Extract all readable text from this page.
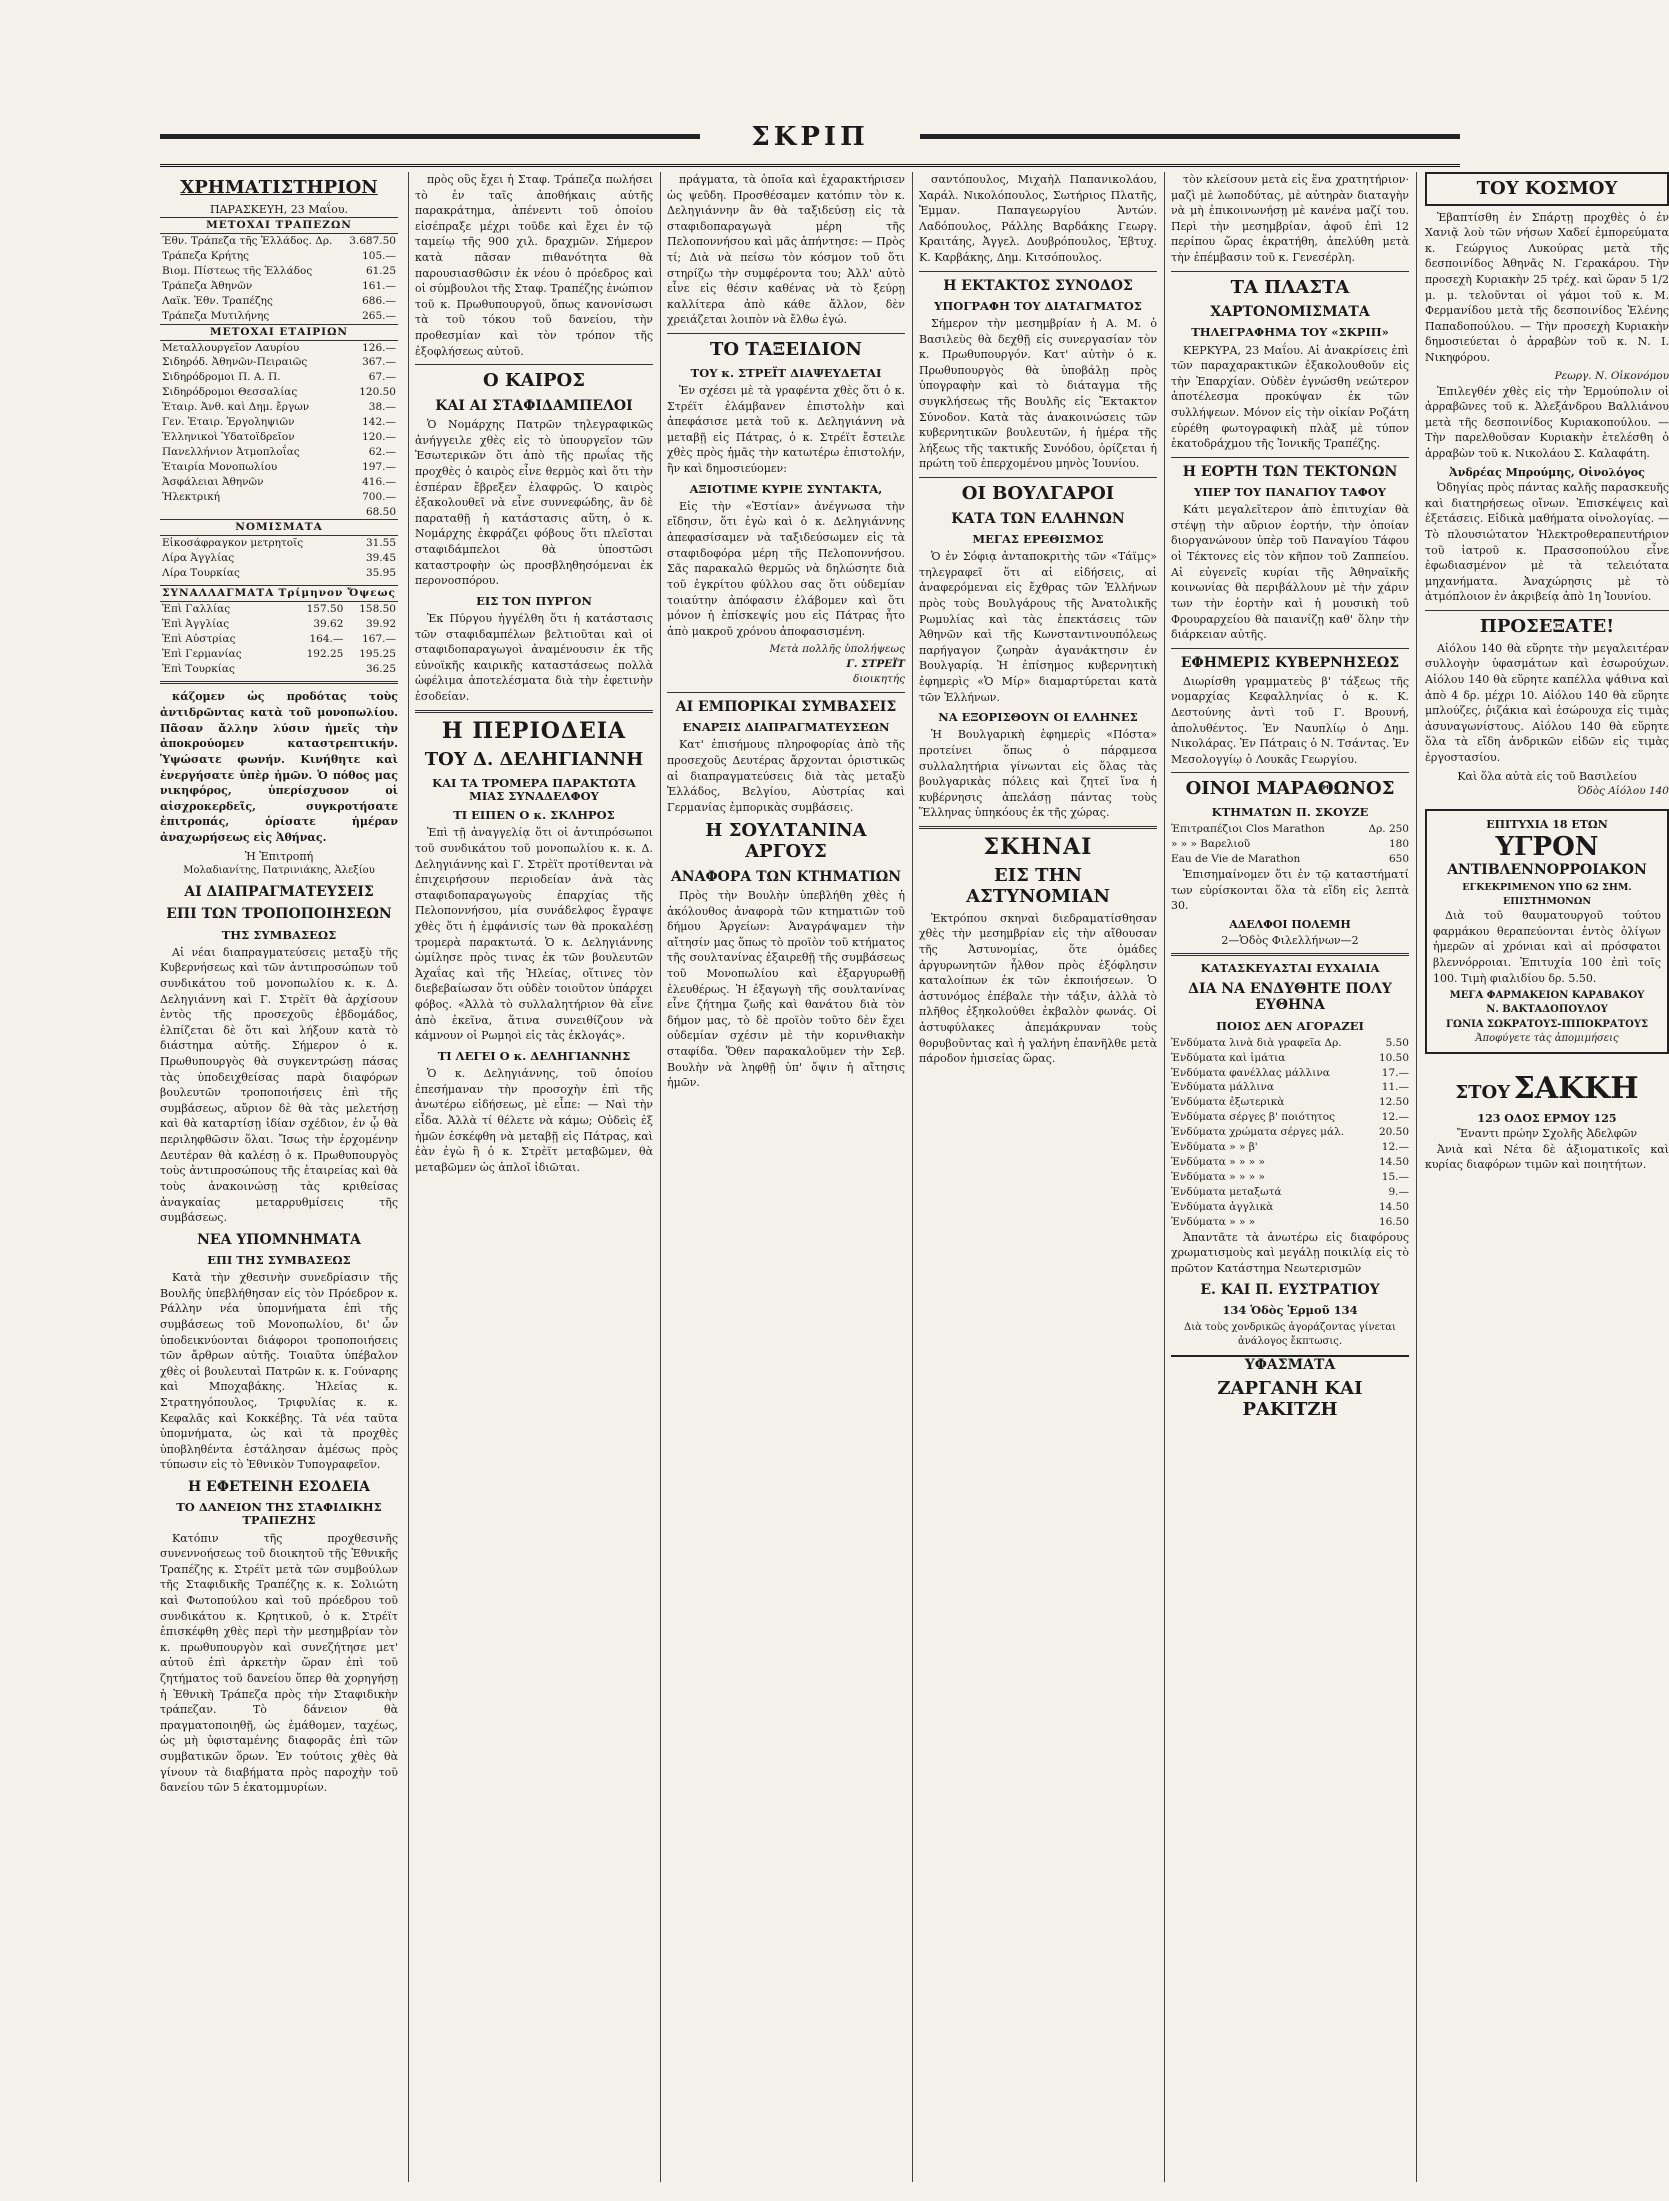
ΣΚΡΙΠ
ΧΡΗΜΑΤΙΣΤΗΡΙΟΝ
ΠΑΡΑΣΚΕΥΗ, 23 Μαΐου.
ΜΕΤΟΧΑΙ ΤΡΑΠΕΖΩΝ	
Έθν. Τράπεζα τῆς Ἑλλάδος. Δρ.	3.687.50
Τράπεζα Κρήτης	105.—
Βιομ. Πίστεως τῆς Ἑλλάδος	61.25
Τράπεζα Ἀθηνῶν	161.—
Λαϊκ. Ἐθν. Τραπέζης	686.—
Τράπεζα Μυτιλήνης	265.—
ΜΕΤΟΧΑΙ ΕΤΑΙΡΙΩΝ	
Μεταλλουργεῖον Λαυρίου	126.—
Σιδηρόδ. Ἀθηνῶν-Πειραιῶς	367.—
Σιδηρόδρομοι Π. Α. Π.	67.—
Σιδηρόδρομοι Θεσσαλίας	120.50
Ἑταιρ. Ἀνθ. καὶ Δημ. ἔργων	38.—
Γεν. Ἑταιρ. Ἐργοληψιῶν	142.—
Ἑλληνικοὶ Ὑδατοϊδρεῖον	120.—
Πανελλήνιον Ἀτμοπλοΐας	62.—
Ἑταιρία Μονοπωλίου	197.—
Ἀσφάλειαι Ἀθηνῶν	416.—
Ἠλεκτρική	700.—
	68.50
ΝΟΜΙΣΜΑΤΑ	
Εἰκοσάφραγκον μετρητοῖς	31.55
Λίρα Ἀγγλίας	39.45
Λίρα Τουρκίας	35.95
ΣΥΝΑΛΛΑΓΜΑΤΑ	Τρίμηνον	Ὄψεως
Ἐπὶ Γαλλίας	157.50	158.50
Ἐπὶ Ἀγγλίας	39.62	39.92
Ἐπὶ Αὐστρίας	164.—	167.—
Ἐπὶ Γερμανίας	192.25	195.25
Ἐπὶ Τουρκίας		36.25

κάζομεν ὡς προδότας τοὺς ἀντιδρῶντας κατὰ τοῦ μονοπωλίου. Πᾶσαν ἄλλην λύσιν ἡμεῖς τὴν ἀποκρούομεν καταστρεπτικήν. Ὑψώσατε φωνήν. Κινήθητε καὶ ἐνεργήσατε ὑπὲρ ἡμῶν. Ὁ πόθος μας νικηφόρος, ὑπερίσχυσον οἱ αἰσχροκερδεῖς, συγκροτήσατε ἐπιτροπάς, ὁρίσατε ἡμέραν ἀναχωρήσεως εἰς Ἀθήνας.

Ἡ Ἐπιτροπή
Μολαδιανίτης, Πατρινιάκης, Ἀλεξίου
ΑΙ ΔΙΑΠΡΑΓΜΑΤΕΥΣΕΙΣ
ΕΠΙ ΤΩΝ ΤΡΟΠΟΠΟΙΗΣΕΩΝ
ΤΗΣ ΣΥΜΒΑΣΕΩΣ

Αἱ νέαι διαπραγματεύσεις μεταξὺ τῆς Κυβερνήσεως καὶ τῶν ἀντιπροσώπων τοῦ συνδικάτου τοῦ μονοπωλίου κ. κ. Δ. Δεληγιάννη καὶ Γ. Στρὲϊτ θὰ ἀρχίσουν ἐντὸς τῆς προσεχοῦς ἑβδομάδος, ἐλπίζεται δὲ ὅτι καὶ λήξουν κατὰ τὸ διάστημα αὐτῆς. Σήμερον ὁ κ. Πρωθυπουργὸς θὰ συγκεντρώσῃ πάσας τὰς ὑποδειχθείσας παρὰ διαφόρων βουλευτῶν τροποποιήσεις ἐπὶ τῆς συμβάσεως, αὔριον δὲ θὰ τὰς μελετήσῃ καὶ θὰ καταρτίσῃ ἰδίαν σχέδιον, ἐν ᾧ θὰ περιληφθῶσιν ὅλαι. Ἴσως τὴν ἐρχομένην Δευτέραν θὰ καλέσῃ ὁ κ. Πρωθυπουργὸς τοὺς ἀντιπροσώπους τῆς ἑταιρείας καὶ θὰ τοὺς ἀνακοινώσῃ τὰς κριθείσας ἀναγκαίας μεταρρυθμίσεις τῆς συμβάσεως.

ΝΕΑ ΥΠΟΜΝΗΜΑΤΑ
ΕΠΙ ΤΗΣ ΣΥΜΒΑΣΕΩΣ

Κατὰ τὴν χθεσινὴν συνεδρίασιν τῆς Βουλῆς ὑπεβλήθησαν εἰς τὸν Πρόεδρον κ. Ράλλην νέα ὑπομνήματα ἐπὶ τῆς συμβάσεως τοῦ Μονοπωλίου, δι' ὧν ὑποδεικνύονται διάφοροι τροποποιήσεις τῶν ἄρθρων αὐτῆς. Τοιαῦτα ὑπέβαλον χθὲς οἱ βουλευταὶ Πατρῶν κ. κ. Γούναρης καὶ Μποχαβάκης. Ἠλείας κ. Στρατηγόπουλος, Τριφυλίας κ. κ. Κεφαλᾶς καὶ Κοκκέβης. Τὰ νέα ταῦτα ὑπομνήματα, ὡς καὶ τὰ προχθὲς ὑποβληθέντα ἐστάλησαν ἀμέσως πρὸς τύπωσιν εἰς τὸ Ἐθνικὸν Τυπογραφεῖον.

Η ΕΦΕΤΕΙΝΗ ΕΣΟΔΕΙΑ
ΤΟ ΔΑΝΕΙΟΝ ΤΗΣ ΣΤΑΦΙΔΙΚΗΣ ΤΡΑΠΕΖΗΣ

Κατόπιν τῆς προχθεσινῆς συνεννοήσεως τοῦ διοικητοῦ τῆς Ἐθνικῆς Τραπέζης κ. Στρέϊτ μετὰ τῶν συμβούλων τῆς Σταφιδικῆς Τραπέζης κ. κ. Σολιώτη καὶ Φωτοπούλου καὶ τοῦ πρόεδρου τοῦ συνδικάτου κ. Κρητικοῦ, ὁ κ. Στρέϊτ ἐπισκέφθη χθὲς περὶ τὴν μεσημβρίαν τὸν κ. πρωθυπουργὸν καὶ συνεζήτησε μετ' αὐτοῦ ἐπὶ ἀρκετὴν ὥραν ἐπὶ τοῦ ζητήματος τοῦ δανείου ὅπερ θὰ χορηγήσῃ ἡ Ἐθνικὴ Τράπεζα πρὸς τὴν Σταφιδικὴν τράπεζαν. Τὸ δάνειον θὰ πραγματοποιηθῇ, ὡς ἐμάθομεν, ταχέως, ὡς μὴ ὑφισταμένης διαφορᾶς ἐπὶ τῶν συμβατικῶν ὅρων. Ἐν τούτοις χθὲς θὰ γίνουν τὰ διαβήματα πρὸς παροχὴν τοῦ δανείου τῶν 5 ἑκατομμυρίων.

πρὸς οὓς ἔχει ἡ Σταφ. Τράπεζα πωλήσει τὸ ἐν ταῖς ἀποθήκαις αὐτῆς παρακράτημα, ἀπένεντι τοῦ ὁποίου εἰσέπραξε μέχρι τοῦδε καὶ ἔχει ἐν τῷ ταμείῳ τῆς 900 χιλ. δραχμῶν. Σήμερον κατὰ πᾶσαν πιθανότητα θὰ παρουσιασθῶσιν ἐκ νέου ὁ πρόεδρος καὶ οἱ σύμβουλοι τῆς Σταφ. Τραπέζης ἐνώπιον τοῦ κ. Πρωθυπουργοῦ, ὅπως κανονίσωσι τὰ τοῦ τόκου τοῦ δανείου, τὴν προθεσμίαν καὶ τὸν τρόπον τῆς ἐξοφλήσεως αὐτοῦ.

Ο ΚΑΙΡΟΣ
ΚΑΙ ΑΙ ΣΤΑΦΙΔΑΜΠΕΛΟΙ

Ὁ Νομάρχης Πατρῶν τηλεγραφικῶς ἀνήγγειλε χθὲς εἰς τὸ ὑπουργεῖον τῶν Ἐσωτερικῶν ὅτι ἀπὸ τῆς πρωΐας τῆς προχθὲς ὁ καιρὸς εἶνε θερμὸς καὶ ὅτι τὴν ἑσπέραν ἔβρεξεν ἐλαφρῶς. Ὁ καιρὸς ἐξακολουθεῖ νὰ εἶνε συννεφώδης, ἂν δὲ παραταθῇ ἡ κατάστασις αὕτη, ὁ κ. Νομάρχης ἐκφράζει φόβους ὅτι πλεῖσται σταφιδάμπελοι θὰ ὑποστῶσι καταστροφὴν ὡς προσβληθησόμεναι ἐκ περονοσπόρου.

ΕΙΣ ΤΟΝ ΠΥΡΓΟΝ

Ἐκ Πύργου ἠγγέλθη ὅτι ἡ κατάστασις τῶν σταφιδαμπέλων βελτιοῦται καὶ οἱ σταφιδοπαραγωγοὶ ἀναμένουσιν ἐκ τῆς εὐνοϊκῆς καιρικῆς καταστάσεως πολλὰ ὠφέλιμα ἀποτελέσματα διὰ τὴν ἐφετινὴν ἐσοδείαν.

Η ΠΕΡΙΟΔΕΙΑ
ΤΟΥ Δ. ΔΕΛΗΓΙΑΝΝΗ
ΚΑΙ ΤΑ ΤΡΟΜΕΡΑ ΠΑΡΑΚΤΩΤΑ ΜΙΑΣ ΣΥΝΑΔΕΛΦΟΥ
ΤΙ ΕΙΠΕΝ Ο κ. ΣΚΛΗΡΟΣ

Ἐπὶ τῇ ἀναγγελίᾳ ὅτι οἱ ἀντιπρόσωποι τοῦ συνδικάτου τοῦ μονοπωλίου κ. κ. Δ. Δεληγιάννης καὶ Γ. Στρὲϊτ προτίθενται νὰ ἐπιχειρήσουν περιοδείαν ἀνὰ τὰς σταφιδοπαραγωγοὺς ἐπαρχίας τῆς Πελοποννήσου, μία συνάδελφος ἔγραψε χθὲς ὅτι ἡ ἐμφάνισίς των θὰ προκαλέσῃ τρομερὰ παρακτωτά. Ὁ κ. Δεληγιάννης ὡμίλησε πρὸς τινας ἐκ τῶν βουλευτῶν Ἀχαΐας καὶ τῆς Ἠλείας, οἵτινες τὸν διεβεβαίωσαν ὅτι οὐδὲν τοιοῦτον ὑπάρχει φόβος. «Ἀλλὰ τὸ συλλαλητήριον θὰ εἶνε ἀπὸ ἐκεῖνα, ἅτινα συνειθίζουν νὰ κάμνουν οἱ Ρωμηοὶ εἰς τὰς ἐκλογάς».

ΤΙ ΛΕΓΕΙ Ο κ. ΔΕΛΗΓΙΑΝΝΗΣ

Ὁ κ. Δεληγιάννης, τοῦ ὁποίου ἐπεσήμαναν τὴν προσοχὴν ἐπὶ τῆς ἀνωτέρω εἰδήσεως, μὲ εἶπε: — Ναὶ τὴν εἶδα. Ἀλλὰ τί θέλετε νὰ κάμω; Οὐδεὶς ἐξ ἡμῶν ἐσκέφθη νὰ μεταβῇ εἰς Πάτρας, καὶ ἐὰν ἐγὼ ἢ ὁ κ. Στρὲϊτ μεταβῶμεν, θὰ μεταβῶμεν ὡς ἁπλοῖ ἰδιῶται.

πράγματα, τὰ ὁποῖα καὶ ἐχαρακτήρισεν ὡς ψεῦδη. Προσθέσαμεν κατόπιν τὸν κ. Δεληγιάννην ἂν θὰ ταξιδεύσῃ εἰς τὰ σταφιδοπαραγωγὰ μέρη τῆς Πελοποννήσου καὶ μᾶς ἀπήντησε: — Πρὸς τί; Διὰ νὰ πείσω τὸν κόσμον τοῦ ὅτι στηρίζω τὴν συμφέροντα του; Ἀλλ' αὐτὸ εἶνε εἰς θέσιν καθένας νὰ τὸ ξεύρῃ καλλίτερα ἀπὸ κάθε ἄλλον, δὲν χρειάζεται λοιπὸν νὰ ἔλθω ἐγώ.

ΤΟ ΤΑΞΕΙΔΙΟΝ
ΤΟΥ κ. ΣΤΡΕΪΤ ΔΙΑΨΕΥΔΕΤΑΙ

Ἐν σχέσει μὲ τὰ γραφέντα χθὲς ὅτι ὁ κ. Στρέϊτ ἐλάμβανεν ἐπιστολὴν καὶ ἀπεφάσισε μετὰ τοῦ κ. Δεληγιάννη νὰ μεταβῇ εἰς Πάτρας, ὁ κ. Στρέϊτ ἔστειλε χθὲς πρὸς ἡμᾶς τὴν κατωτέρω ἐπιστολήν, ἣν καὶ δημοσιεύομεν:

ΑΞΙΟΤΙΜΕ ΚΥΡΙΕ ΣΥΝΤΑΚΤΑ,

Εἰς τὴν «Ἑστίαν» ἀνέγνωσα τὴν εἴδησιν, ὅτι ἐγὼ καὶ ὁ κ. Δεληγιάννης ἀπεφασίσαμεν νὰ ταξιδεύσωμεν εἰς τὰ σταφιδοφόρα μέρη τῆς Πελοποννήσου. Σᾶς παρακαλῶ θερμῶς νὰ δηλώσητε διὰ τοῦ ἐγκρίτου φύλλου σας ὅτι οὐδεμίαν τοιαύτην ἀπόφασιν ἐλάβομεν καὶ ὅτι μόνον ἡ ἐπίσκεψίς μου εἰς Πάτρας ἦτο ἀπὸ μακροῦ χρόνου ἀποφασισμένη.

Μετὰ πολλῆς ὑπολήψεως
Γ. ΣΤΡΕΪΤ
διοικητής
ΑΙ ΕΜΠΟΡΙΚΑΙ ΣΥΜΒΑΣΕΙΣ
ΕΝΑΡΞΙΣ ΔΙΑΠΡΑΓΜΑΤΕΥΣΕΩΝ

Κατ' ἐπισήμους πληροφορίας ἀπὸ τῆς προσεχοῦς Δευτέρας ἄρχονται ὁριστικῶς αἱ διαπραγματεύσεις διὰ τὰς μεταξὺ Ἑλλάδος, Βελγίου, Αὐστρίας καὶ Γερμανίας ἐμπορικὰς συμβάσεις.

Η ΣΟΥΛΤΑΝΙΝΑ ΑΡΓΟΥΣ
ΑΝΑΦΟΡΑ ΤΩΝ ΚΤΗΜΑΤΙΩΝ

Πρὸς τὴν Βουλὴν ὑπεβλήθη χθὲς ἡ ἀκόλουθος ἀναφορὰ τῶν κτηματιῶν τοῦ δήμου Ἀργείων: Ἀναγράψαμεν τὴν αἴτησίν μας ὅπως τὸ προϊὸν τοῦ κτήματος τῆς σουλτανίνας ἐξαιρεθῇ τῆς συμβάσεως τοῦ Μονοπωλίου καὶ ἐξαργυρωθῇ ἐλευθέρως. Ἡ ἐξαγωγὴ τῆς σουλτανίνας εἶνε ζήτημα ζωῆς καὶ θανάτου διὰ τὸν δήμον μας, τὸ δὲ προϊὸν τοῦτο δὲν ἔχει οὐδεμίαν σχέσιν μὲ τὴν κορινθιακὴν σταφίδα. Ὅθεν παρακαλοῦμεν τὴν Σεβ. Βουλὴν νὰ ληφθῇ ὑπ' ὄψιν ἡ αἴτησις ἡμῶν.

σαντόπουλος, Μιχαὴλ Παπανικολάου, Χαράλ. Νικολόπουλος, Σωτήριος Πλατῆς, Ἐμμαν. Παπαγεωργίου Ἀντών. Λαδόπουλος, Ράλλης Βαρδάκης Γεωργ. Κραιτάης, Ἀγγελ. Δουβρόπουλος, Ἐβτυχ. Κ. Καρβάκης, Δημ. Κιτσόπουλος.

Η ΕΚΤΑΚΤΟΣ ΣΥΝΟΔΟΣ
ΥΠΟΓΡΑΦΗ ΤΟΥ ΔΙΑΤΑΓΜΑΤΟΣ

Σήμερον τὴν μεσημβρίαν ἡ Α. Μ. ὁ Βασιλεὺς θὰ δεχθῇ εἰς συνεργασίαν τὸν κ. Πρωθυπουργόν. Κατ' αὐτὴν ὁ κ. Πρωθυπουργὸς θὰ ὑποβάλῃ πρὸς ὑπογραφὴν καὶ τὸ διάταγμα τῆς συγκλήσεως τῆς Βουλῆς εἰς Ἔκτακτον Σύνοδον. Κατὰ τὰς ἀνακοινώσεις τῶν κυβερνητικῶν βουλευτῶν, ἡ ἡμέρα τῆς λήξεως τῆς τακτικῆς Συνόδου, ὁρίζεται ἡ πρώτη τοῦ ἐπερχομένου μηνὸς Ἰουνίου.

ΟΙ ΒΟΥΛΓΑΡΟΙ
ΚΑΤΑ ΤΩΝ ΕΛΛΗΝΩΝ
ΜΕΓΑΣ ΕΡΕΘΙΣΜΟΣ

Ὁ ἐν Σόφιᾳ ἀνταποκριτὴς τῶν «Τάϊμς» τηλεγραφεῖ ὅτι αἱ εἰδήσεις, αἱ ἀναφερόμεναι εἰς ἔχθρας τῶν Ἑλλήνων πρὸς τοὺς Βουλγάρους τῆς Ἀνατολικῆς Ρωμυλίας καὶ τὰς ἐπεκτάσεις τῶν Ἀθηνῶν καὶ τῆς Κωνσταντινουπόλεως παρήγαγον ζωηρὰν ἀγανάκτησιν ἐν Βουλγαρίᾳ. Ἡ ἐπίσημος κυβερνητικὴ ἐφημερὶς «Ὁ Μίρ» διαμαρτύρεται κατὰ τῶν Ἑλλήνων.

ΝΑ ΕΞΟΡΙΣΘΟΥΝ ΟΙ ΕΛΛΗΝΕΣ

Ἡ Βουλγαρικὴ ἐφημερὶς «Πόστα» προτείνει ὅπως ὁ πάρᾳμεσα συλλαλητήρια γίνωνται εἰς ὅλας τὰς βουλγαρικὰς πόλεις καὶ ζητεῖ ἵνα ἡ κυβέρνησις ἀπελάσῃ πάντας τοὺς Ἕλληνας ὑπηκόους ἐκ τῆς χώρας.

ΣΚΗΝΑΙ
ΕΙΣ ΤΗΝ ΑΣΤΥΝΟΜΙΑΝ

Ἐκτρόπου σκηναὶ διεδραματίσθησαν χθὲς τὴν μεσημβρίαν εἰς τὴν αἴθουσαν τῆς Ἀστυνομίας, ὅτε ὁμάδες ἀργυρωνητῶν ἦλθον πρὸς ἐξόφλησιν καταλοίπων ἐκ τῶν ἐκποιήσεων. Ὁ ἀστυνόμος ἐπέβαλε τὴν τάξιν, ἀλλὰ τὸ πλῆθος ἐξηκολούθει ἐκβαλὸν φωνάς. Οἱ ἀστυφύλακες ἀπεμάκρυναν τοὺς θορυβοῦντας καὶ ἡ γαλήνη ἐπανῆλθε μετὰ πάροδον ἡμισείας ὥρας.

τὸν κλείσουν μετὰ εἰς ἕνα χρατητήριον· μαζὶ μὲ λωποδύτας, μὲ αὐτηρὰν διαταγὴν νὰ μὴ ἐπικοινωνήσῃ μὲ κανένα μαζί του. Περὶ τὴν μεσημβρίαν, ἀφοῦ ἐπὶ 12 περίπου ὥρας ἐκρατήθη, ἀπελύθη μετὰ τὴν ἐπέμβασιν τοῦ κ. Γενεσέρλη.

ΤΑ ΠΛΑΣΤΑ
ΧΑΡΤΟΝΟΜΙΣΜΑΤΑ
ΤΗΛΕΓΡΑΦΗΜΑ ΤΟΥ «ΣΚΡΙΠ»

ΚΕΡΚΥΡΑ, 23 Μαΐου. Αἱ ἀνακρίσεις ἐπὶ τῶν παραχαρακτικῶν ἐξακολουθοῦν εἰς τὴν Ἐπαρχίαν. Οὐδὲν ἐγνώσθη νεώτερον ἀποτέλεσμα προκύψαν ἐκ τῶν συλλήψεων. Μόνον εἰς τὴν οἰκίαν Ροζάτη εὑρέθη φωτογραφικὴ πλὰξ μὲ τύπον ἑκατοδράχμου τῆς Ἰονικῆς Τραπέζης.

Η ΕΟΡΤΗ ΤΩΝ ΤΕΚΤΟΝΩΝ
ΥΠΕΡ ΤΟΥ ΠΑΝΑΓΙΟΥ ΤΑΦΟΥ

Κάτι μεγαλεῖτερον ἀπὸ ἐπιτυχίαν θὰ στέψῃ τὴν αὔριον ἑορτήν, τὴν ὁποίαν διοργανώνουν ὑπὲρ τοῦ Παναγίου Τάφου οἱ Τέκτονες εἰς τὸν κῆπον τοῦ Ζαππείου. Αἱ εὐγενεῖς κυρίαι τῆς Ἀθηναϊκῆς κοινωνίας θὰ περιβάλλουν μὲ τὴν χάριν των τὴν ἑορτὴν καὶ ἡ μουσικὴ τοῦ Φρουραρχείου θὰ παιανίζῃ καθ' ὅλην τὴν διάρκειαν αὐτῆς.

ΕΦΗΜΕΡΙΣ ΚΥΒΕΡΝΗΣΕΩΣ

Διωρίσθη γραμματεὺς β' τάξεως τῆς νομαρχίας Κεφαλληνίας ὁ κ. Κ. Δεστούνης ἀντὶ τοῦ Γ. Βρουνή, ἀπολυθέντος. Ἐν Ναυπλίῳ ὁ Δημ. Νικολάρας. Ἐν Πάτραις ὁ Ν. Τσάντας. Ἐν Μεσολογγίῳ ὁ Λουκᾶς Γεωργίου.

ΟΙΝΟΙ ΜΑΡΑΘΩΝΟΣ
ΚΤΗΜΑΤΩΝ Π. ΣΚΟΥΖΕ
Ἐπιτραπέζιοι Clos Marathon	Δρ. 250
» » » Βαρελιοῦ	180
Eau de Vie de Marathon	650

Ἐπισημαίνομεν ὅτι ἐν τῷ καταστήματί των εὑρίσκονται ὅλα τὰ εἴδη εἰς λεπτὰ 30.

ΑΔΕΛΦΟΙ ΠΟΛΕΜΗ
2—Ὁδὸς Φιλελλήνων—2
ΚΑΤΑΣΚΕΥΑΣΤΑΙ ΕΥΧΑΙΛΙΑ
ΔΙΑ ΝΑ ΕΝΔΥΘΗΤΕ ΠΟΛΥ ΕΥΘΗΝΑ
ΠΟΙΟΣ ΔΕΝ ΑΓΟΡΑΖΕΙ
Ἐνδύματα λινὰ διὰ γραφεῖα Δρ.	5.50
Ἐνδύματα καὶ ἱμάτια	10.50
Ἐνδύματα φανέλλας μάλλινα	17.—
Ἐνδύματα μάλλινα	11.—
Ἐνδύματα ἐξωτερικὰ	12.50
Ἐνδύματα σέργες β' ποιότητος	12.—
Ἐνδύματα χρώματα σέργες μάλ.	20.50
Ἐνδύματα » » β'	12.—
Ἐνδύματα » » » »	14.50
Ἐνδύματα » » » »	15.—
Ἐνδύματα μεταξωτά	9.—
Ἐνδύματα ἀγγλικὰ	14.50
Ἐνδύματα » » »	16.50

Ἀπαντᾶτε τὰ ἀνωτέρω εἰς διαφόρους χρωματισμοὺς καὶ μεγάλῃ ποικιλίᾳ εἰς τὸ πρῶτον Κατάστημα Νεωτερισμῶν

Ε. ΚΑΙ Π. ΕΥΣΤΡΑΤΙΟΥ
134 Ὁδὸς Ἑρμοῦ 134
Διὰ τοὺς χονδρικῶς ἀγοράζοντας γίνεται ἀνάλογος ἔκπτωσις.
ΥΦΑΣΜΑΤΑ
ΖΑΡΓΑΝΗ ΚΑΙ ΡΑΚΙΤΖΗ
ΤΟΥ ΚΟΣΜΟΥ

Ἐβαπτίσθη ἐν Σπάρτῃ προχθὲς ὁ ἐν Χανιᾷ λοὺ τῶν νήσων Χαδεί ἐμπορεύματα κ. Γεώργιος Λυκούρας μετὰ τῆς δεσποινίδος Ἀθηνᾶς Ν. Γερακάρου. Τὴν προσεχὴ Κυριακὴν 25 τρέχ. καὶ ὥραν 5 1/2 μ. μ. τελοῦνται οἱ γάμοι τοῦ κ. Μ. Φερμανίδου μετὰ τῆς δεσποινίδος Ἑλένης Παπαδοπούλου. — Τὴν προσεχὴ Κυριακὴν δημοσιεύεται ὁ ἀρραβὼν τοῦ κ. Ν. Ι. Νικηφόρου.

Ρεωργ. Ν. Οἰκονόμου

Ἐπιλεγθέν χθὲς εἰς τὴν Ἑρμούπολιν οἱ ἀρραβῶνες τοῦ κ. Ἀλεξάνδρου Βαλλιάνου μετὰ τῆς δεσποινίδος Κυριακοπούλου. — Τὴν παρελθοῦσαν Κυριακὴν ἐτελέσθη ὁ ἀρραβὼν τοῦ κ. Νικολάου Σ. Καλαφάτη.

Ἀνδρέας Μπρούμης, Οἰνολόγος

Ὀδηγίας πρὸς πάντας καλῆς παρασκευῆς καὶ διατηρήσεως οἴνων. Ἐπισκέψεις καὶ ἐξετάσεις. Εἰδικὰ μαθήματα οἰνολογίας. — Τὸ πλουσιώτατον Ἠλεκτροθεραπευτήριον τοῦ ἰατροῦ κ. Πρασσοπούλου εἶνε ἐφωδιασμένον μὲ τὰ τελειότατα μηχανήματα. Ἀναχώρησις μὲ τὸ ἀτμόπλοιον ἐν ἀκριβείᾳ ἀπὸ 1η Ἰουνίου.

ΠΡΟΣΕΞΑΤΕ!

Αἰόλου 140 θὰ εὕρητε τὴν μεγαλειτέραν συλλογὴν ὑφασμάτων καὶ ἐσωρούχων. Αἰόλου 140 θὰ εὕρητε καπέλλα ψάθινα καὶ ἀπὸ 4 δρ. μέχρι 10. Αἰόλου 140 θὰ εὕρητε μπλούζες, ῥιζάκια καὶ ἐσώρουχα εἰς τιμὰς ἀσυναγωνίστους. Αἰόλου 140 θὰ εὕρητε ὅλα τὰ εἴδη ἀνδρικῶν εἰδῶν εἰς τιμὰς ἐργοστασίου.

Καὶ ὅλα αὐτὰ εἰς τοῦ Βασιλείου
Ὁδὸς Αἰόλου 140
ΕΠΙΤΥΧΙΑ 18 ΕΤΩΝ
ΥΓΡΟΝ
ΑΝΤΙΒΛΕΝΝΟΡΡΟΙΑΚΟΝ
ΕΓΚΕΚΡΙΜΕΝΟΝ ΥΠΟ 62 ΣΗΜ. ΕΠΙΣΤΗΜΟΝΩΝ

Διὰ τοῦ θαυματουργοῦ τούτου φαρμάκου θεραπεύονται ἐντὸς ὀλίγων ἡμερῶν αἱ χρόνιαι καὶ αἱ πρόσφατοι βλεννόρροιαι. Ἐπιτυχία 100 ἐπὶ τοῖς 100. Τιμὴ φιαλιδίου δρ. 5.50.

ΜΕΓΑ ΦΑΡΜΑΚΕΙΟΝ ΚΑΡΑΒΑΚΟΥ
Ν. ΒΑΚΤΑΔΟΠΟΥΛΟΥ
ΓΩΝΙΑ ΣΩΚΡΑΤΟΥΣ-ΙΠΠΟΚΡΑΤΟΥΣ
Ἀποφύγετε τὰς ἀπομιμήσεις
ΣΤΟΥ ΣΑΚΚΗ
123 ΟΔΟΣ ΕΡΜΟΥ 125
Ἔναντι πρώην Σχολῆς Ἀδελφῶν

Ἀνιὰ καὶ Νέτα δὲ ἀξιοματικοῖς καὶ κυρίας διαφόρων τιμῶν καὶ ποιητήτων.
